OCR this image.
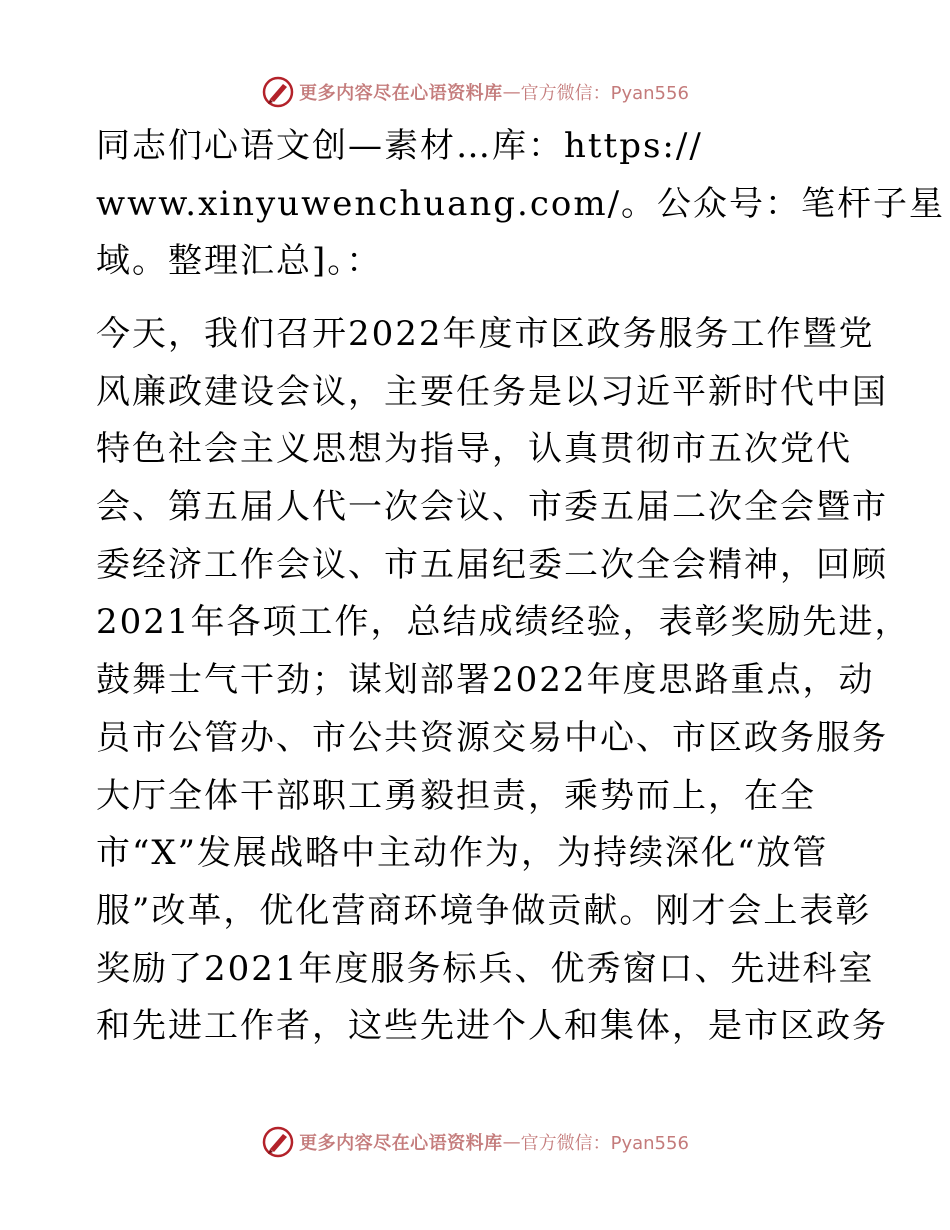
更多内容尽在心语资料库 — 官方微信：Pyan556
同志们心语文创—素材…库：https://
www.xinyuwenchuang.com/。公众号：笔杆子星
域。整理汇总]。：
今天，我们召开2022年度市区政务服务工作暨党
风廉政建设会议，主要任务是以习近平新时代中国
特色社会主义思想为指导，认真贯彻市五次党代
会、第五届人代一次会议、市委五届二次全会暨市
委经济工作会议、市五届纪委二次全会精神，回顾
2021年各项工作，总结成绩经验，表彰奖励先进，
鼓舞士气干劲；谋划部署2022年度思路重点，动
员市公管办、市公共资源交易中心、市区政务服务
大厅全体干部职工勇毅担责，乘势而上，在全
市“X”发展战略中主动作为，为持续深化“放管
服”改革，优化营商环境争做贡献。刚才会上表彰
奖励了2021年度服务标兵、优秀窗口、先进科室
和先进工作者，这些先进个人和集体，是市区政务
更多内容尽在心语资料库 — 官方微信：Pyan556
